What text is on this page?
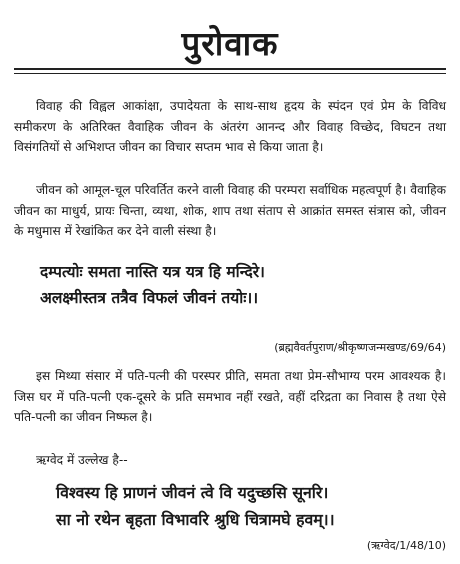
पुरोवाक

विवाह की विह्वल आकांक्षा, उपादेयता के साथ-साथ हृदय के स्पंदन एवं प्रेम के विविध समीकरण के अतिरिक्त वैवाहिक जीवन के अंतरंग आनन्द और विवाह विच्छेद, विघटन तथा विसंगतियों से अभिशप्त जीवन का विचार सप्तम भाव से किया जाता है।

जीवन को आमूल-चूल परिवर्तित करने वाली विवाह की परम्परा सर्वाधिक महत्वपूर्ण है। वैवाहिक जीवन का माधुर्य, प्रायः चिन्ता, व्यथा, शोक, शाप तथा संताप से आक्रांत समस्त संत्रास को, जीवन के मधुमास में रेखांकित कर देने वाली संस्था है।

दम्पत्योः समता नास्ति यत्र यत्र हि मन्दिरे।
अलक्ष्मीस्तत्र तत्रैव विफलं जीवनं तयोः।।
(ब्रह्मवैवर्तपुराण/श्रीकृष्णजन्मखण्ड/69/64)

इस मिथ्या संसार में पति-पत्नी की परस्पर प्रीति, समता तथा प्रेम-सौभाग्य परम आवश्यक है। जिस घर में पति-पत्नी एक-दूसरे के प्रति समभाव नहीं रखते, वहीं दरिद्रता का निवास है तथा ऐसे पति-पत्नी का जीवन निष्फल है।

ऋग्वेद में उल्लेख है--

विश्वस्य हि प्राणनं जीवनं त्वे वि यदुच्छसि सूनरि।
सा नो रथेन बृहता विभावरि श्रुधि चित्रामघे हवम्।।
(ऋग्वेद/1/48/10)
